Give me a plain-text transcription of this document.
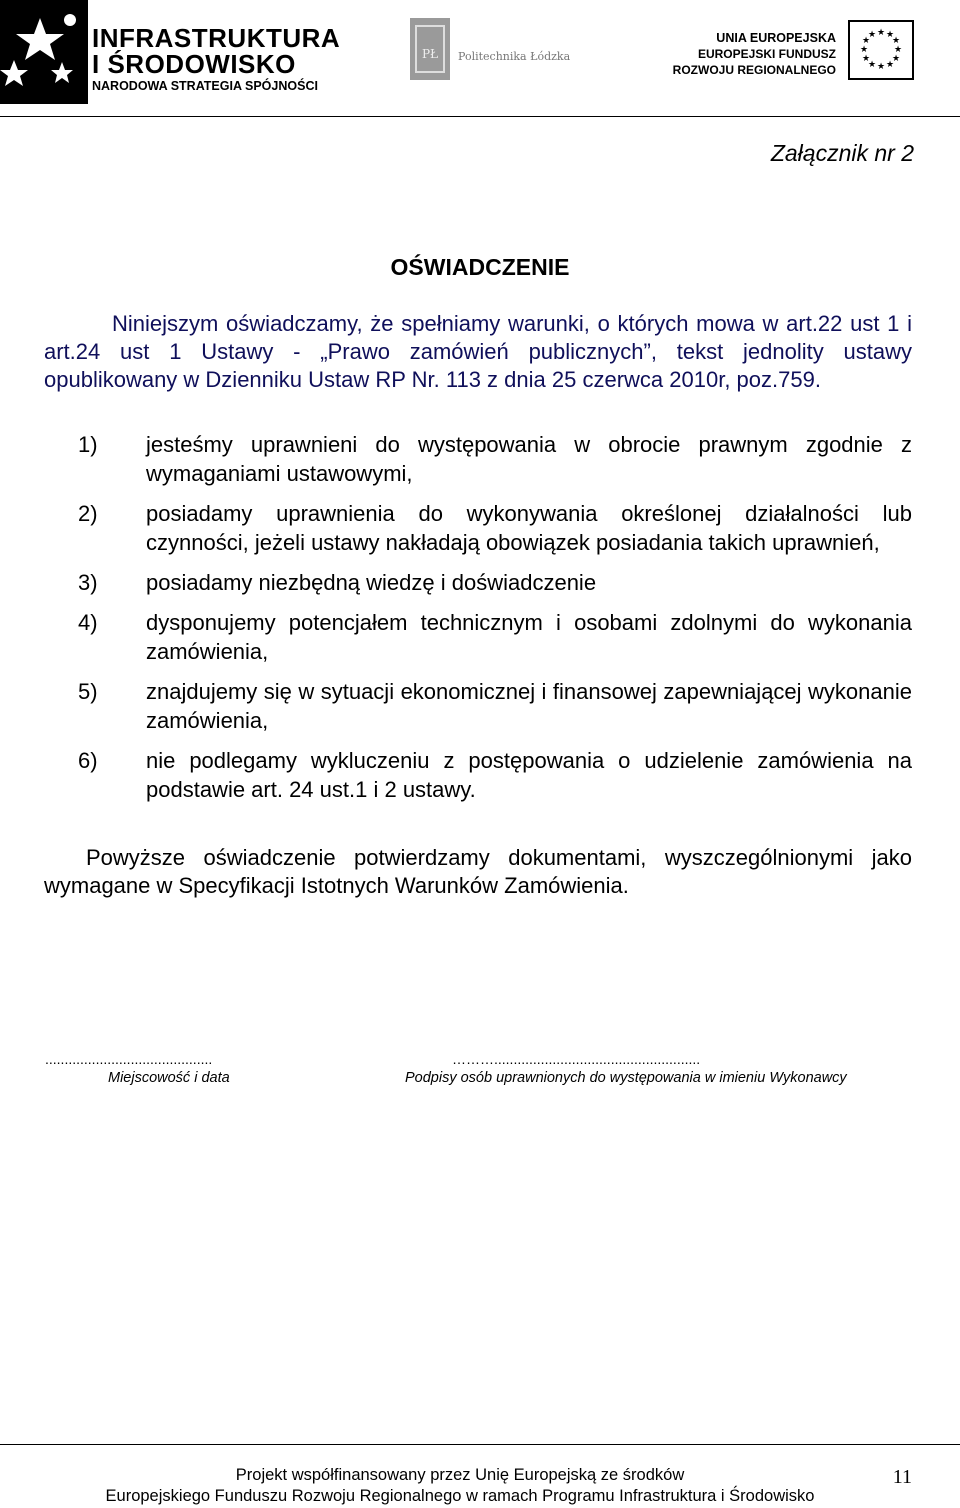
INFRASTRUKTURA
I ŚRODOWISKO
NARODOWA STRATEGIA SPÓJNOŚCI
PŁ Politechnika Łódzka
UNIA EUROPEJSKA
EUROPEJSKI FUNDUSZ
ROZWOJU REGIONALNEGO
★ ★
★
★
★
★
★
★
★
★
★
★
Załącznik nr 2
OŚWIADCZENIE
Niniejszym oświadczamy, że spełniamy warunki, o których mowa w art.22 ust 1 i art.24 ust 1 Ustawy - „Prawo zamówień publicznych”, tekst jednolity ustawy opublikowany w Dzienniku Ustaw RP Nr. 113 z dnia 25 czerwca 2010r, poz.759.
1) jesteśmy uprawnieni do występowania w obrocie prawnym zgodnie z wymaganiami ustawowymi,
2) posiadamy uprawnienia do wykonywania określonej działalności lub czynności, jeżeli ustawy nakładają obowiązek posiadania takich uprawnień,
3) posiadamy niezbędną wiedzę i doświadczenie
4) dysponujemy potencjałem technicznym i osobami zdolnymi do wykonania zamówienia,
5) znajdujemy się w sytuacji ekonomicznej i finansowej zapewniającej wykonanie zamówienia,
6) nie podlegamy wykluczeniu z postępowania o udzielenie zamówienia na podstawie art. 24 ust.1 i 2 ustawy.
Powyższe oświadczenie potwierdzamy dokumentami, wyszczególnionymi jako wymagane w Specyfikacji Istotnych Warunków Zamówienia.
...........................................
Miejscowość i data
……….....................................................
Podpisy osób uprawnionych do występowania w imieniu Wykonawcy
Projekt współfinansowany przez Unię Europejską ze środków
Europejskiego Funduszu Rozwoju Regionalnego w ramach Programu Infrastruktura i Środowisko
11
